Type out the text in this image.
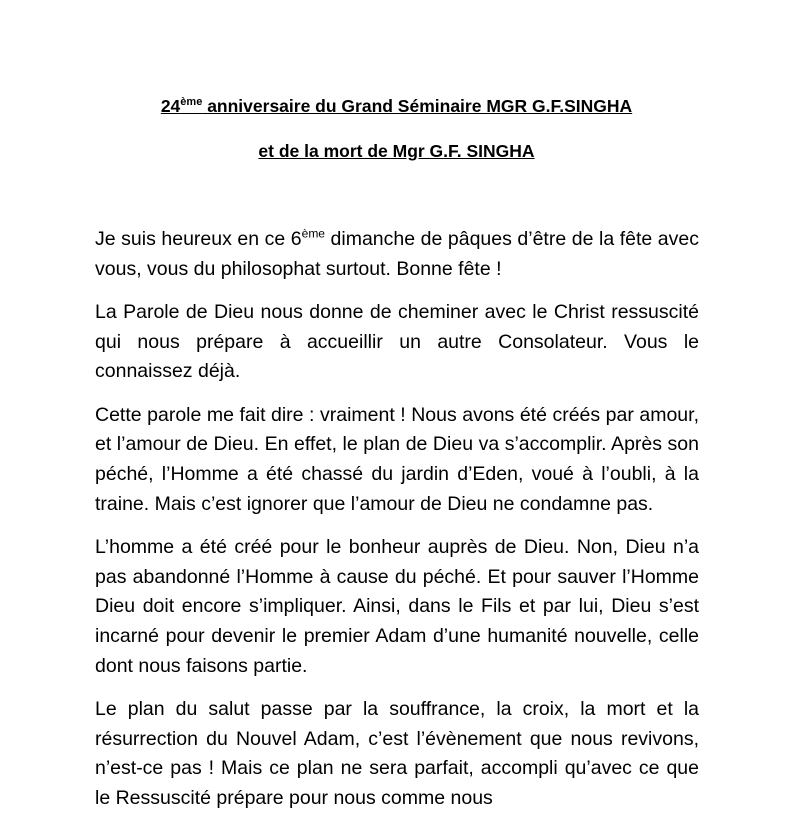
24ème anniversaire du Grand Séminaire MGR G.F.SINGHA
et de la mort de Mgr G.F. SINGHA

Je suis heureux en ce 6ème dimanche de pâques d’être de la fête avec vous, vous du philosophat surtout. Bonne fête !

La Parole de Dieu nous donne de cheminer avec le Christ ressuscité qui nous prépare à accueillir un autre Consolateur. Vous le connaissez déjà.

Cette parole me fait dire : vraiment ! Nous avons été créés par amour, et l’amour de Dieu. En effet, le plan de Dieu va s’accomplir. Après son péché, l’Homme a été chassé du jardin d’Eden, voué à l’oubli, à la traine. Mais c’est ignorer que l’amour de Dieu ne condamne pas.

L’homme a été créé pour le bonheur auprès de Dieu. Non, Dieu n’a pas abandonné l’Homme à cause du péché. Et pour sauver l’Homme Dieu doit encore s’impliquer. Ainsi, dans le Fils et par lui, Dieu s’est incarné pour devenir le premier Adam d’une humanité nouvelle, celle dont nous faisons partie.

Le plan du salut passe par la souffrance, la croix, la mort et la résurrection du Nouvel Adam, c’est l’évènement que nous revivons, n’est-ce pas ! Mais ce plan ne sera parfait, accompli qu’avec ce que le Ressuscité prépare pour nous comme nous
